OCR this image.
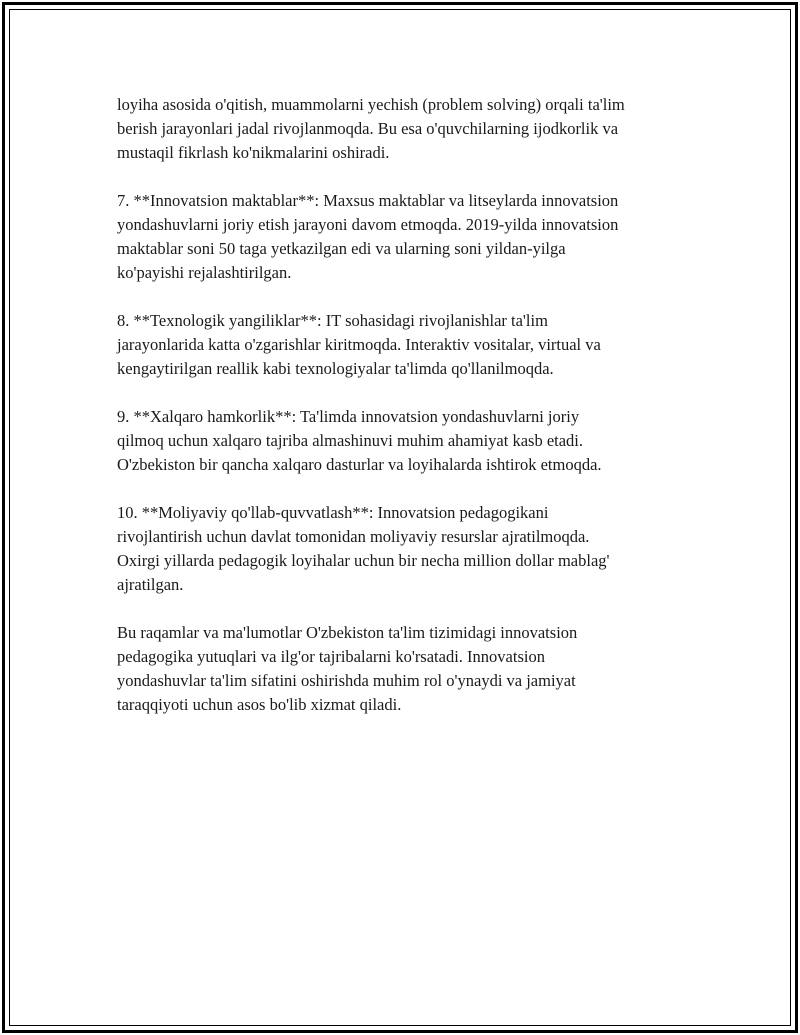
loyiha asosida o'qitish, muammolarni yechish (problem solving) orqali ta'lim
berish jarayonlari jadal rivojlanmoqda. Bu esa o'quvchilarning ijodkorlik va
mustaqil fikrlash ko'nikmalarini oshiradi.

7. **Innovatsion maktablar**: Maxsus maktablar va litseylarda innovatsion
yondashuvlarni joriy etish jarayoni davom etmoqda. 2019-yilda innovatsion
maktablar soni 50 taga yetkazilgan edi va ularning soni yildan-yilga
ko'payishi rejalashtirilgan.

8. **Texnologik yangiliklar**: IT sohasidagi rivojlanishlar ta'lim
jarayonlarida katta o'zgarishlar kiritmoqda. Interaktiv vositalar, virtual va
kengaytirilgan reallik kabi texnologiyalar ta'limda qo'llanilmoqda.

9. **Xalqaro hamkorlik**: Ta'limda innovatsion yondashuvlarni joriy
qilmoq uchun xalqaro tajriba almashinuvi muhim ahamiyat kasb etadi.
O'zbekiston bir qancha xalqaro dasturlar va loyihalarda ishtirok etmoqda.

10. **Moliyaviy qo'llab-quvvatlash**: Innovatsion pedagogikani
rivojlantirish uchun davlat tomonidan moliyaviy resurslar ajratilmoqda.
Oxirgi yillarda pedagogik loyihalar uchun bir necha million dollar mablag'
ajratilgan.

Bu raqamlar va ma'lumotlar O'zbekiston ta'lim tizimidagi innovatsion
pedagogika yutuqlari va ilg'or tajribalarni ko'rsatadi. Innovatsion
yondashuvlar ta'lim sifatini oshirishda muhim rol o'ynaydi va jamiyat
taraqqiyoti uchun asos bo'lib xizmat qiladi.
